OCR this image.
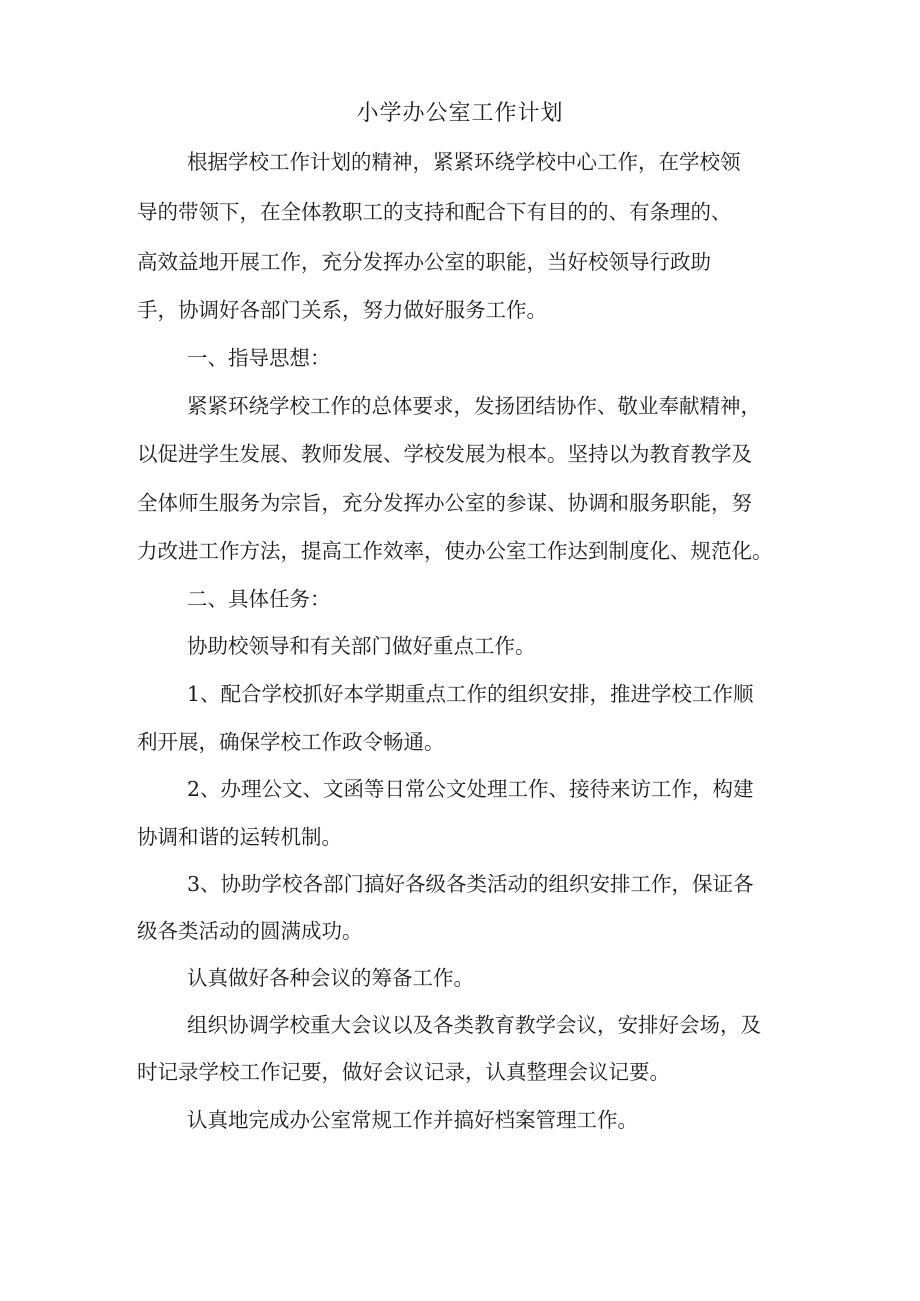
小学办公室工作计划

根据学校工作计划的精神，紧紧环绕学校中心工作，在学校领

导的带领下，在全体教职工的支持和配合下有目的的、有条理的、

高效益地开展工作，充分发挥办公室的职能，当好校领导行政助

手，协调好各部门关系，努力做好服务工作。

一、指导思想：

紧紧环绕学校工作的总体要求，发扬团结协作、敬业奉献精神，

以促进学生发展、教师发展、学校发展为根本。坚持以为教育教学及

全体师生服务为宗旨，充分发挥办公室的参谋、协调和服务职能，努

力改进工作方法，提高工作效率，使办公室工作达到制度化、规范化。

二、具体任务：

协助校领导和有关部门做好重点工作。

1、配合学校抓好本学期重点工作的组织安排，推进学校工作顺

利开展，确保学校工作政令畅通。

2、办理公文、文函等日常公文处理工作、接待来访工作，构建

协调和谐的运转机制。

3、协助学校各部门搞好各级各类活动的组织安排工作，保证各

级各类活动的圆满成功。

认真做好各种会议的筹备工作。

组织协调学校重大会议以及各类教育教学会议，安排好会场，及

时记录学校工作记要，做好会议记录，认真整理会议记要。

认真地完成办公室常规工作并搞好档案管理工作。
